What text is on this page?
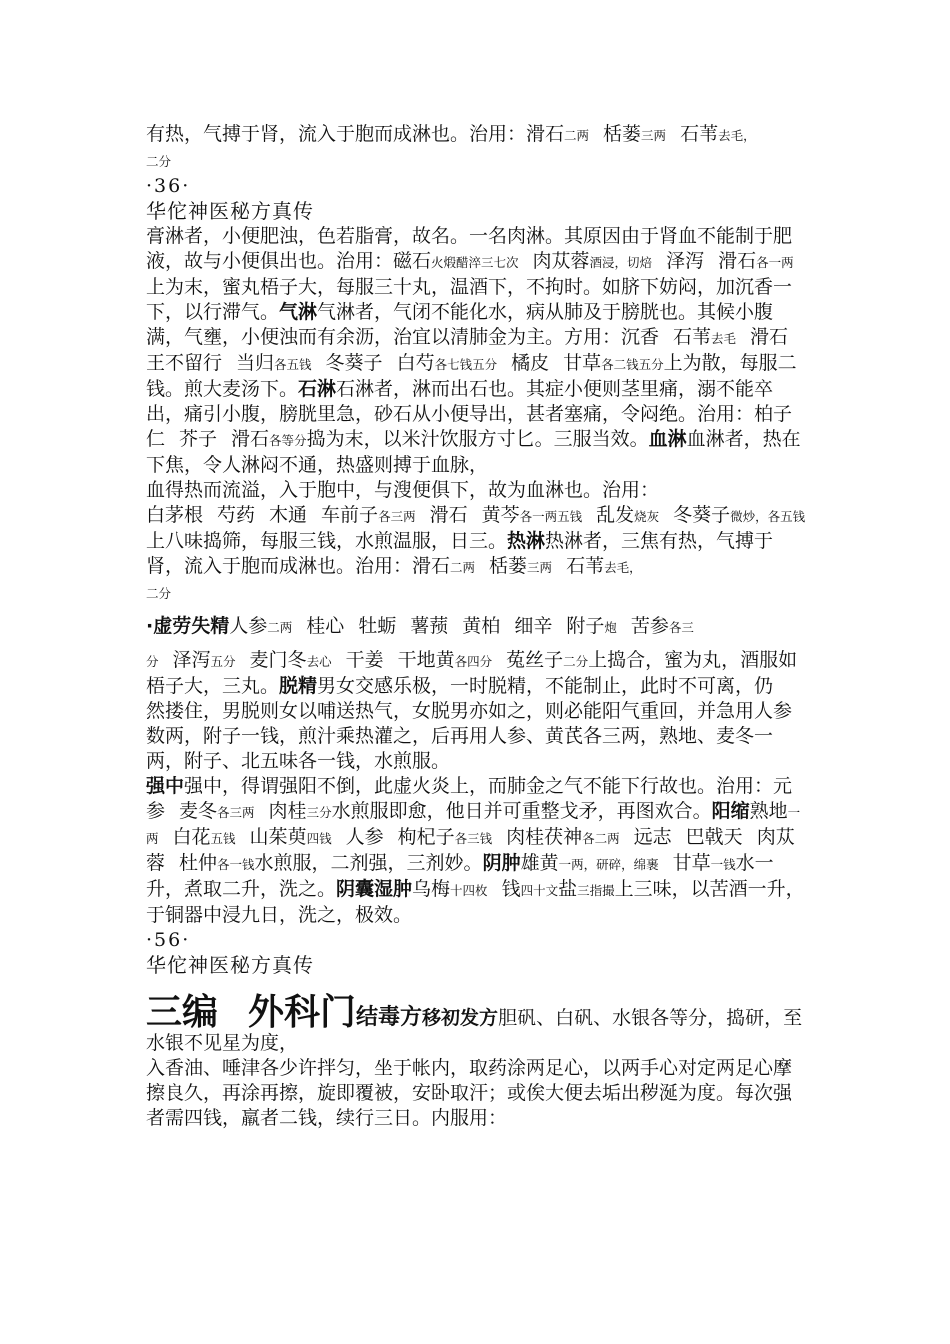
有热，气搏于肾，流入于胞而成淋也。治用：滑石二两 栝蒌三两 石苇去毛，

二分

·36·

华佗神医秘方真传

膏淋者，小便肥浊，色若脂膏，故名。一名肉淋。其原因由于肾血不能制于肥液，故与小便俱出也。治用：磁石火煅醋淬三七次 肉苁蓉酒浸，切焙 泽泻 滑石各一两上为末，蜜丸梧子大，每服三十丸，温酒下，不拘时。如脐下妨闷，加沉香一下，以行滞气。气淋气淋者，气闭不能化水，病从肺及于膀胱也。其候小腹满，气壅，小便浊而有余沥，治宜以清肺金为主。方用：沉香 石苇去毛 滑石王不留行 当归各五钱 冬葵子 白芍各七钱五分 橘皮 甘草各二钱五分上为散，每服二钱。煎大麦汤下。石淋石淋者，淋而出石也。其症小便则茎里痛，溺不能卒

出，痛引小腹，膀胱里急，砂石从小便导出，甚者塞痛，令闷绝。治用：柏子仁 芥子 滑石各等分捣为末，以米汁饮服方寸匕。三服当效。血淋血淋者，热在下焦，令人淋闷不通，热盛则搏于血脉，

血得热而流溢，入于胞中，与溲便俱下，故为血淋也。治用：

白茅根 芍药 木通 车前子各三两 滑石 黄芩各一两五钱 乱发烧灰 冬葵子微炒，各五钱上八味捣筛，每服三钱，水煎温服，日三。热淋热淋者，三焦有热，气搏于肾，流入于胞而成淋也。治用：滑石二两 栝蒌三两 石苇去毛，

二分

·虚劳失精人参二两 桂心 牡蛎 薯蓣 黄柏 细辛 附子炮 苦参各三

分 泽泻五分 麦门冬去心 干姜 干地黄各四分 菟丝子二分上捣合，蜜为丸，酒服如梧子大，三丸。脱精男女交感乐极，一时脱精，不能制止，此时不可离，仍

然搂住，男脱则女以哺送热气，女脱男亦如之，则必能阳气重回，并急用人参数两，附子一钱，煎汁乘热灌之，后再用人参、黄芪各三两，熟地、麦冬一两，附子、北五味各一钱，水煎服。

强中强中，得谓强阳不倒，此虚火炎上，而肺金之气不能下行故也。治用：元参 麦冬各三两 肉桂三分水煎服即愈，他日并可重整戈矛，再图欢合。阳缩熟地一两 白花五钱 山茱萸四钱 人参 枸杞子各三钱 肉桂茯神各二两 远志 巴戟天 肉苁蓉 杜仲各一钱水煎服，二剂强，三剂妙。阴肿雄黄一两，研碎，绵裹 甘草一钱水一升，煮取二升，洗之。阴囊湿肿乌梅十四枚 钱四十文盐三指撮上三味，以苦酒一升，于铜器中浸九日，洗之，极效。

·56·

华佗神医秘方真传

三编 外科门结毒方移初发方胆矾、白矾、水银各等分，捣研，至水银不见星为度，

入香油、唾津各少许拌匀，坐于帐内，取药涂两足心，以两手心对定两足心摩擦良久，再涂再擦，旋即覆被，安卧取汗；或俟大便去垢出秽涎为度。每次强者需四钱，羸者二钱，续行三日。内服用：
